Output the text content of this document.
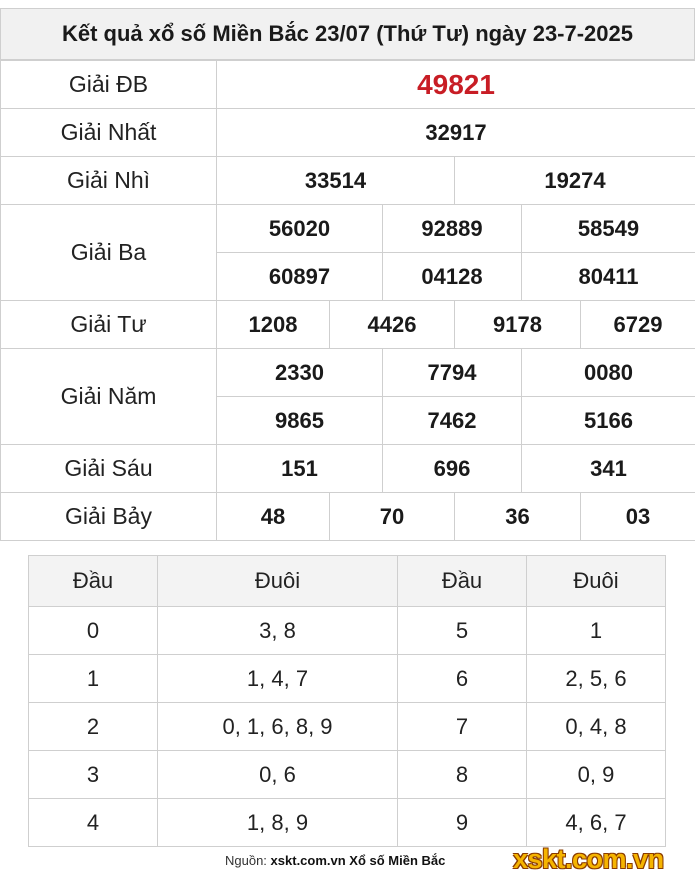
Kết quả xổ số Miền Bắc 23/07 (Thứ Tư) ngày 23-7-2025
Giải ĐB	49821					
Giải Nhất	32917					
Giải Nhì	33514			19274		
Giải Ba	56020		92889		58549	
	60897		04128		80411	
Giải Tư	1208	4426		9178		6729
Giải Năm	2330		7794		0080	
	9865		7462		5166	
Giải Sáu	151		696		341	
Giải Bảy	48	70		36		03
Đầu	Đuôi	Đầu	Đuôi
0	3, 8	5	1
1	1, 4, 7	6	2, 5, 6
2	0, 1, 6, 8, 9	7	0, 4, 8
3	0, 6	8	0, 9
4	1, 8, 9	9	4, 6, 7
Nguồn: xskt.com.vn Xổ số Miền Bắc	xskt.com.vn
